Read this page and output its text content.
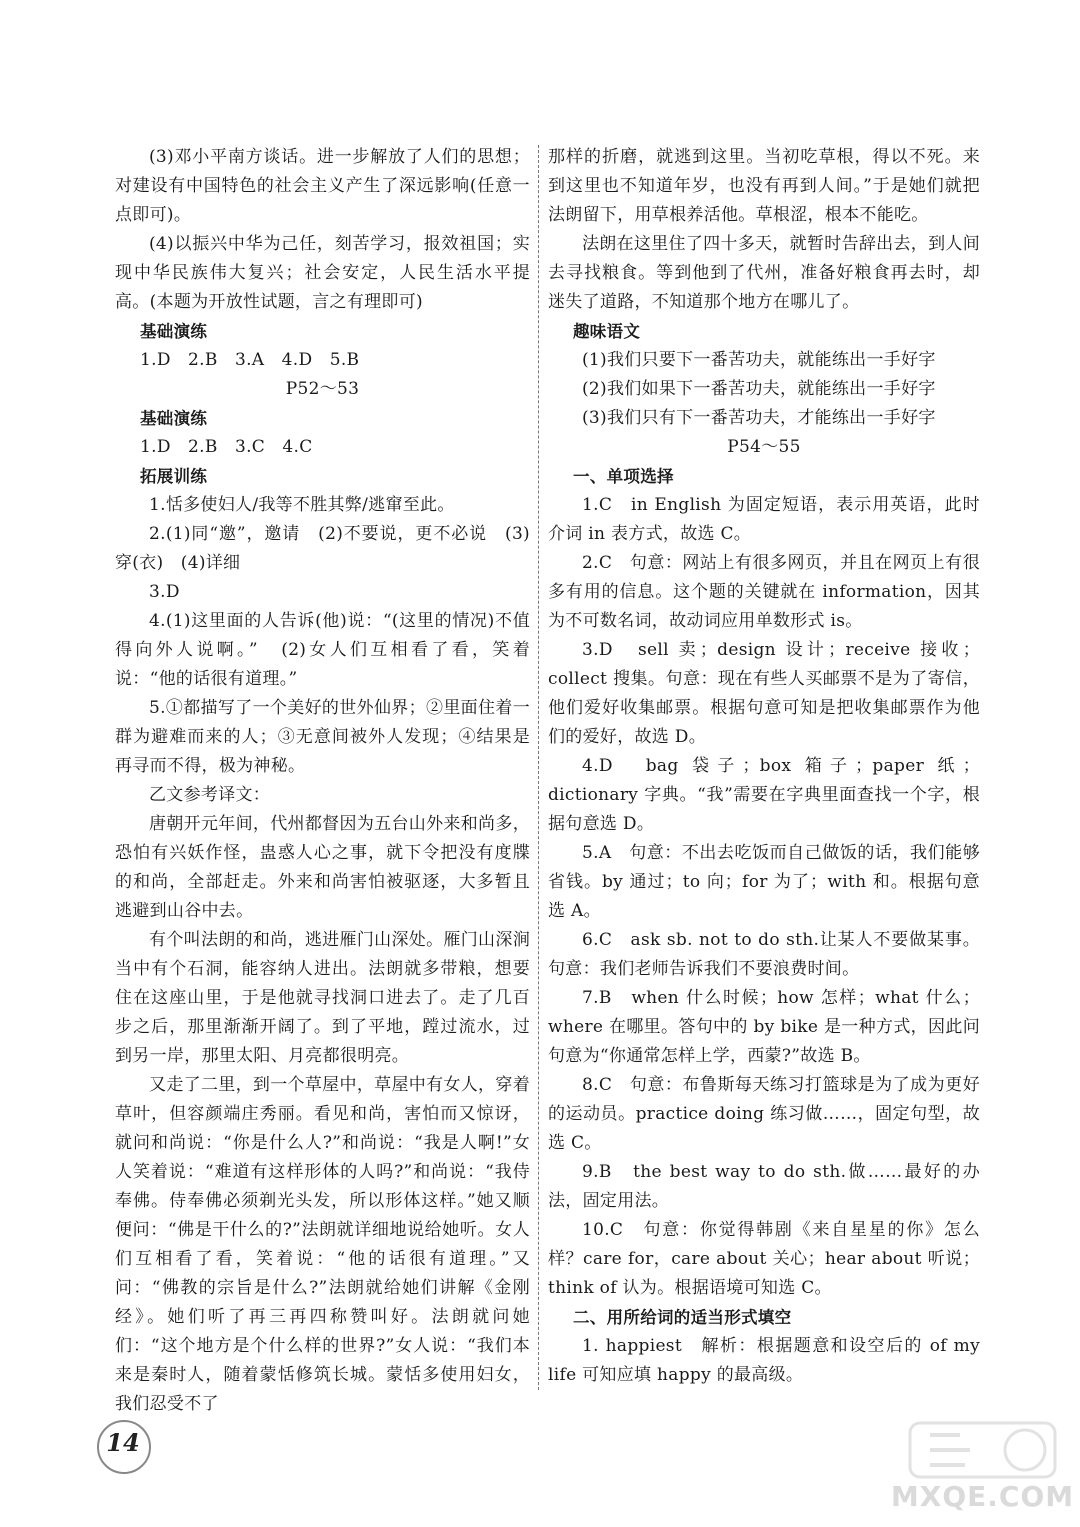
(3)邓小平南方谈话。进一步解放了人们的思想；对建设有中国特色的社会主义产生了深远影响(任意一点即可)。

(4)以振兴中华为己任，刻苦学习，报效祖国；实现中华民族伟大复兴；社会安定，人民生活水平提高。(本题为开放性试题，言之有理即可)

基础演练

1.D　2.B　3.A　4.D　5.B

P52～53

基础演练

1.D　2.B　3.C　4.C

拓展训练

1.恬多使妇人/我等不胜其弊/逃窜至此。

2.(1)同“邀”，邀请　(2)不要说，更不必说　(3)穿(衣)　(4)详细

3.D

4.(1)这里面的人告诉(他)说：“(这里的情况)不值得向外人说啊。”　(2)女人们互相看了看，笑着说：“他的话很有道理。”

5.①都描写了一个美好的世外仙界；②里面住着一群为避难而来的人；③无意间被外人发现；④结果是再寻而不得，极为神秘。

乙文参考译文：

唐朝开元年间，代州都督因为五台山外来和尚多，恐怕有兴妖作怪，蛊惑人心之事，就下令把没有度牒的和尚，全部赶走。外来和尚害怕被驱逐，大多暂且逃避到山谷中去。

有个叫法朗的和尚，逃进雁门山深处。雁门山深涧当中有个石洞，能容纳人进出。法朗就多带粮，想要住在这座山里，于是他就寻找洞口进去了。走了几百步之后，那里渐渐开阔了。到了平地，蹚过流水，过到另一岸，那里太阳、月亮都很明亮。

又走了二里，到一个草屋中，草屋中有女人，穿着草叶，但容颜端庄秀丽。看见和尚，害怕而又惊讶，就问和尚说：“你是什么人?”和尚说：“我是人啊!”女人笑着说：“难道有这样形体的人吗?”和尚说：“我侍奉佛。侍奉佛必须剃光头发，所以形体这样。”她又顺便问：“佛是干什么的?”法朗就详细地说给她听。女人们互相看了看，笑着说：“他的话很有道理。”又问：“佛教的宗旨是什么?”法朗就给她们讲解《金刚经》。她们听了再三再四称赞叫好。法朗就问她们：“这个地方是个什么样的世界?”女人说：“我们本来是秦时人，随着蒙恬修筑长城。蒙恬多使用妇女，我们忍受不了

那样的折磨，就逃到这里。当初吃草根，得以不死。来到这里也不知道年岁，也没有再到人间。”于是她们就把法朗留下，用草根养活他。草根涩，根本不能吃。

法朗在这里住了四十多天，就暂时告辞出去，到人间去寻找粮食。等到他到了代州，准备好粮食再去时，却迷失了道路，不知道那个地方在哪儿了。

趣味语文

(1)我们只要下一番苦功夫，就能练出一手好字

(2)我们如果下一番苦功夫，就能练出一手好字

(3)我们只有下一番苦功夫，才能练出一手好字

P54～55

一、单项选择

1.C　in English 为固定短语，表示用英语，此时介词 in 表方式，故选 C。

2.C　句意：网站上有很多网页，并且在网页上有很多有用的信息。这个题的关键就在 information，因其为不可数名词，故动词应用单数形式 is。

3.D　sell 卖；design 设计；receive 接收；collect 搜集。句意：现在有些人买邮票不是为了寄信，他们爱好收集邮票。根据句意可知是把收集邮票作为他们的爱好，故选 D。

4.D　bag 袋子；box 箱子；paper 纸；dictionary 字典。“我”需要在字典里面查找一个字，根据句意选 D。

5.A　句意：不出去吃饭而自己做饭的话，我们能够省钱。by 通过；to 向；for 为了；with 和。根据句意选 A。

6.C　ask sb. not to do sth.让某人不要做某事。句意：我们老师告诉我们不要浪费时间。

7.B　when 什么时候；how 怎样；what 什么；where 在哪里。答句中的 by bike 是一种方式，因此问句意为“你通常怎样上学，西蒙?”故选 B。

8.C　句意：布鲁斯每天练习打篮球是为了成为更好的运动员。practice doing 练习做……，固定句型，故选 C。

9.B　the best way to do sth.做……最好的办法，固定用法。

10.C　句意：你觉得韩剧《来自星星的你》怎么样？care for，care about 关心；hear about 听说；think of 认为。根据语境可知选 C。

二、用所给词的适当形式填空

1. happiest　解析：根据题意和设空后的 of my life 可知应填 happy 的最高级。

14
MXQE.COM
